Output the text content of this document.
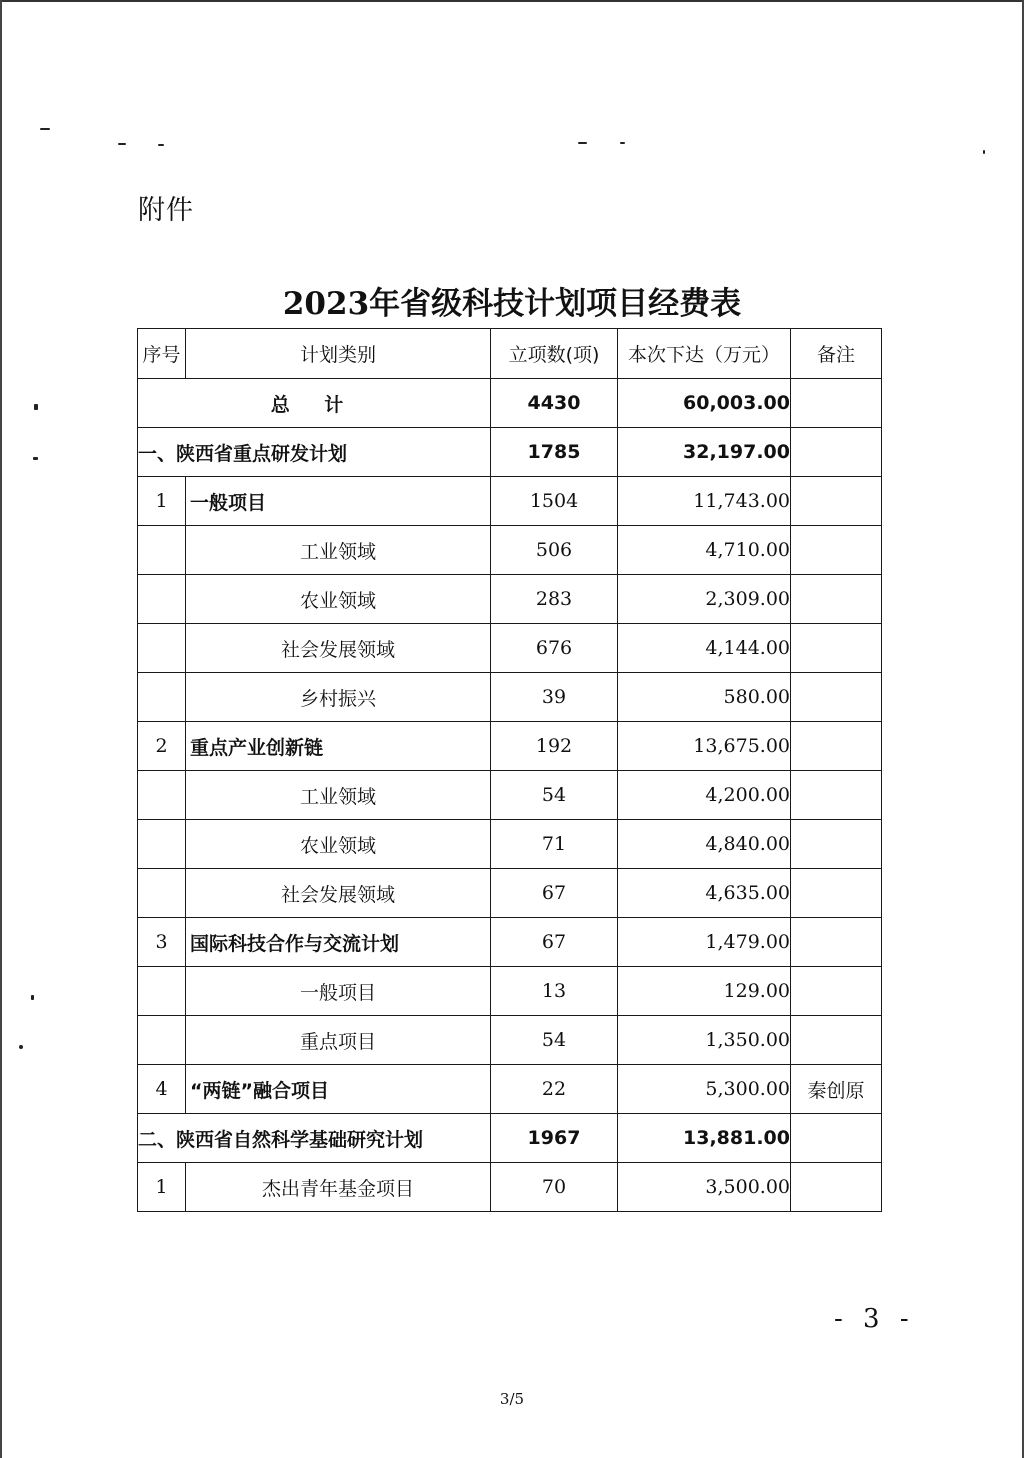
附件
2023年省级科技计划项目经费表
序号	计划类别	立项数(项)	本次下达（万元）	备注
总 计		4430	60,003.00	
一、陕西省重点研发计划		1785	32,197.00	
1	一般项目	1504	11,743.00	
	工业领域	506	4,710.00	
	农业领域	283	2,309.00	
	社会发展领域	676	4,144.00	
	乡村振兴	39	580.00	
2	重点产业创新链	192	13,675.00	
	工业领域	54	4,200.00	
	农业领域	71	4,840.00	
	社会发展领域	67	4,635.00	
3	国际科技合作与交流计划	67	1,479.00	
	一般项目	13	129.00	
	重点项目	54	1,350.00	
4	“两链”融合项目	22	5,300.00	秦创原
二、陕西省自然科学基础研究计划		1967	13,881.00	
1	杰出青年基金项目	70	3,500.00	
- 3 -
3/5
